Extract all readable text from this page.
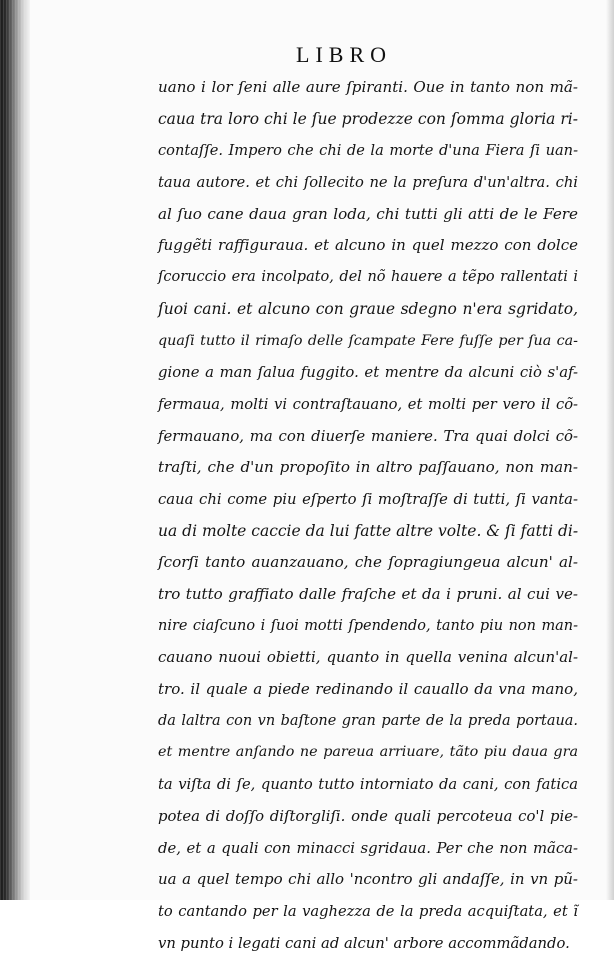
LIBRO
uano i lor ſeni alle aure ſpiranti. Oue in tanto non mã-
caua tra loro chi le ſue prodezze con ſomma gloria ri-
contaſſe. Impero che chi de la morte d'una Fiera ſi uan-
taua autore. et chi ſollecito ne la preſura d'un'altra. chi
al ſuo cane daua gran loda, chi tutti gli atti de le Fere
fuggẽti raffiguraua. et alcuno in quel mezzo con dolce
ſcoruccio era incolpato, del nõ hauere a tẽpo rallentati i
ſuoi cani. et alcuno con graue sdegno n'era sgridato,
quaſi tutto il rimaſo delle ſcampate Fere fuſſe per ſua ca-
gione a man ſalua fuggito. et mentre da alcuni ciò s'af-
fermaua, molti vi contraſtauano, et molti per vero il cõ-
fermauano, ma con diuerſe maniere. Tra quai dolci cõ-
traſti, che d'un propoſito in altro paſſauano, non man-
caua chi come piu eſperto ſi moſtraſſe di tutti, ſi vanta-
ua di molte caccie da lui fatte altre volte. & ſi fatti di-
ſcorſi tanto auanzauano, che ſopragiungeua alcun' al-
tro tutto graffiato dalle fraſche et da i pruni. al cui ve-
nire ciaſcuno i ſuoi motti ſpendendo, tanto piu non man-
cauano nuoui obietti, quanto in quella venina alcun'al-
tro. il quale a piede redinando il cauallo da vna mano,
da laltra con vn baſtone gran parte de la preda portaua.
et mentre anſando ne pareua arriuare, tãto piu daua gra
ta viſta di ſe, quanto tutto intorniato da cani, con fatica
potea di doſſo diſtorgliſi. onde quali percoteua co'l pie-
de, et a quali con minacci sgridaua. Per che non mãca-
ua a quel tempo chi allo 'ncontro gli andaſſe, in vn pũ-
to cantando per la vaghezza de la preda acquiſtata, et ĩ
vn punto i legati cani ad alcun' arbore accommãdando.
